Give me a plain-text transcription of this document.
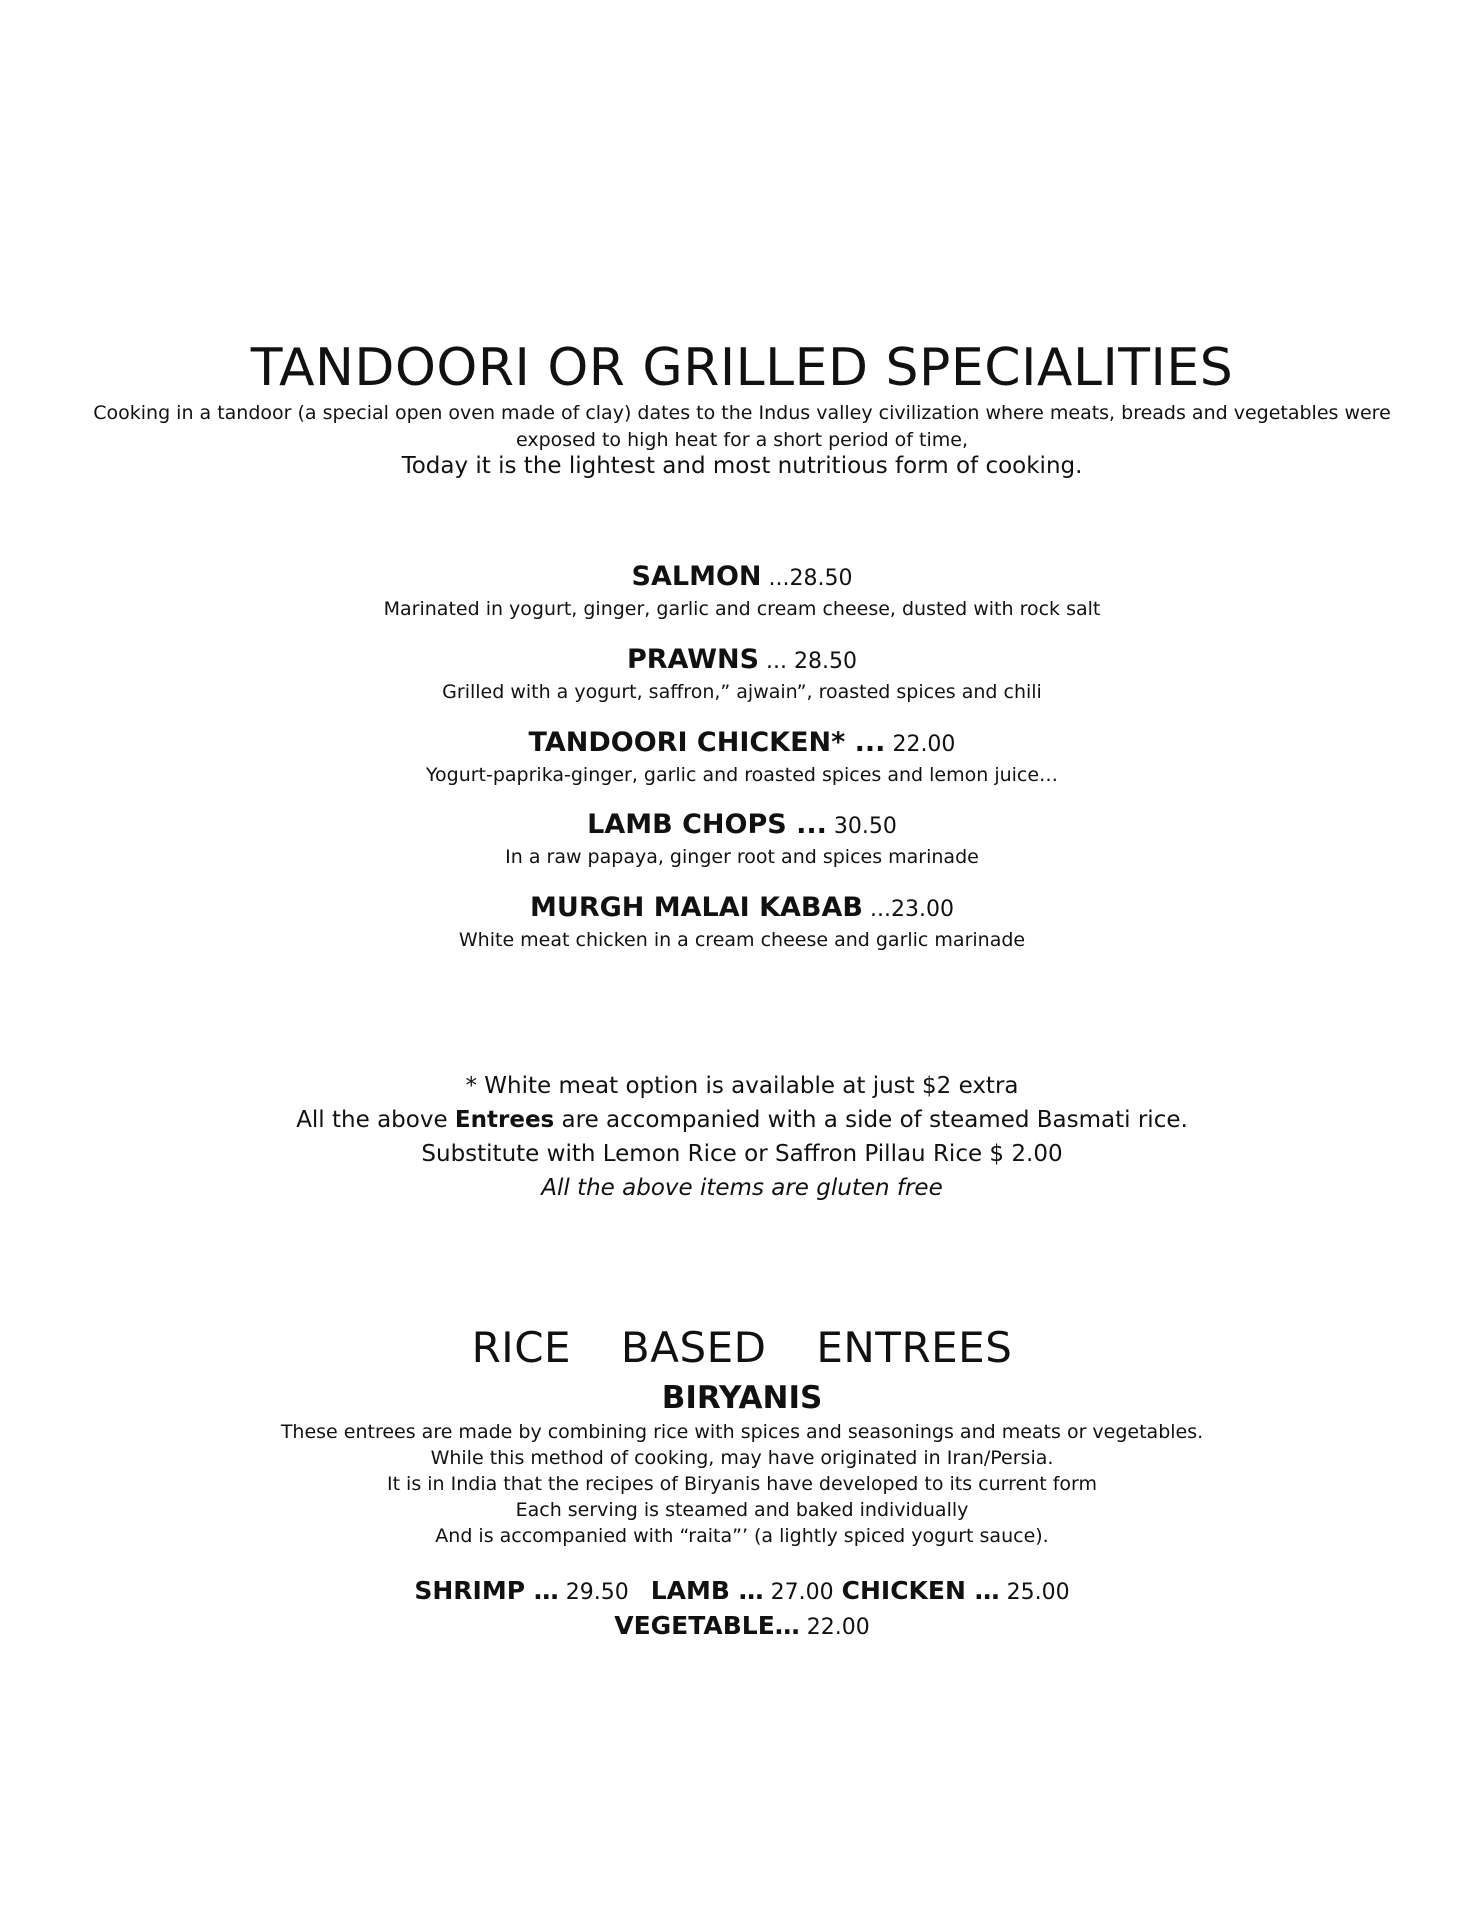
TANDOORI OR GRILLED SPECIALITIES

Cooking in a tandoor (a special open oven made of clay) dates to the Indus valley civilization where meats, breads and vegetables were exposed to high heat for a short period of time,

Today it is the lightest and most nutritious form of cooking.

SALMON ...28.50
Marinated in yogurt, ginger, garlic and cream cheese, dusted with rock salt
PRAWNS ... 28.50
Grilled with a yogurt, saffron,” ajwain”, roasted spices and chili
TANDOORI CHICKEN* ... 22.00
Yogurt-paprika-ginger, garlic and roasted spices and lemon juice…
LAMB CHOPS ... 30.50
In a raw papaya, ginger root and spices marinade
MURGH MALAI KABAB ...23.00
White meat chicken in a cream cheese and garlic marinade
* White meat option is available at just $2 extra
All the above Entrees are accompanied with a side of steamed Basmati rice.
Substitute with Lemon Rice or Saffron Pillau Rice $ 2.00
All the above items are gluten free
RICE BASED ENTREES
BIRYANIS
These entrees are made by combining rice with spices and seasonings and meats or vegetables.
While this method of cooking, may have originated in Iran/Persia.
It is in India that the recipes of Biryanis have developed to its current form
Each serving is steamed and baked individually
And is accompanied with “raita”’ (a lightly spiced yogurt sauce).
SHRIMP … 29.50 LAMB … 27.00 CHICKEN … 25.00
VEGETABLE… 22.00
